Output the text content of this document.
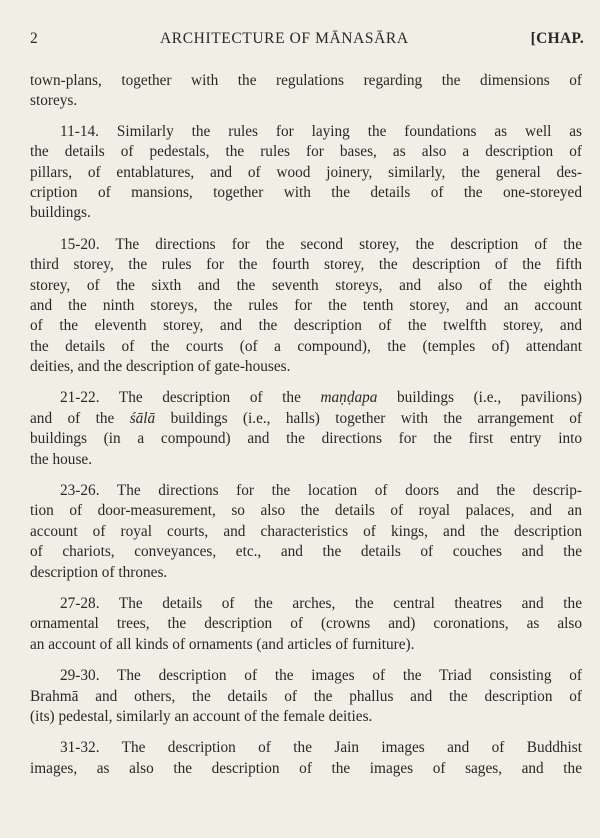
2	ARCHITECTURE OF MĀNASĀRA	[CHAP.
town-plans, together with the regulations regarding the dimensions of
storeys.
11-14. Similarly the rules for laying the foundations as well as
the details of pedestals, the rules for bases, as also a description of
pillars, of entablatures, and of wood joinery, similarly, the general des-
cription of mansions, together with the details of the one-storeyed
buildings.
15-20. The directions for the second storey, the description of the
third storey, the rules for the fourth storey, the description of the fifth
storey, of the sixth and the seventh storeys, and also of the eighth
and the ninth storeys, the rules for the tenth storey, and an account
of the eleventh storey, and the description of the twelfth storey, and
the details of the courts (of a compound), the (temples of) attendant
deities, and the description of gate-houses.
21-22. The description of the maṇḍapa buildings (i.e., pavilions)
and of the śālā buildings (i.e., halls) together with the arrangement of
buildings (in a compound) and the directions for the first entry into
the house.
23-26. The directions for the location of doors and the descrip-
tion of door-measurement, so also the details of royal palaces, and an
account of royal courts, and characteristics of kings, and the description
of chariots, conveyances, etc., and the details of couches and the
description of thrones.
27-28. The details of the arches, the central theatres and the
ornamental trees, the description of (crowns and) coronations, as also
an account of all kinds of ornaments (and articles of furniture).
29-30. The description of the images of the Triad consisting of
Brahmā and others, the details of the phallus and the description of
(its) pedestal, similarly an account of the female deities.
31-32. The description of the Jain images and of Buddhist
images, as also the description of the images of sages, and the
